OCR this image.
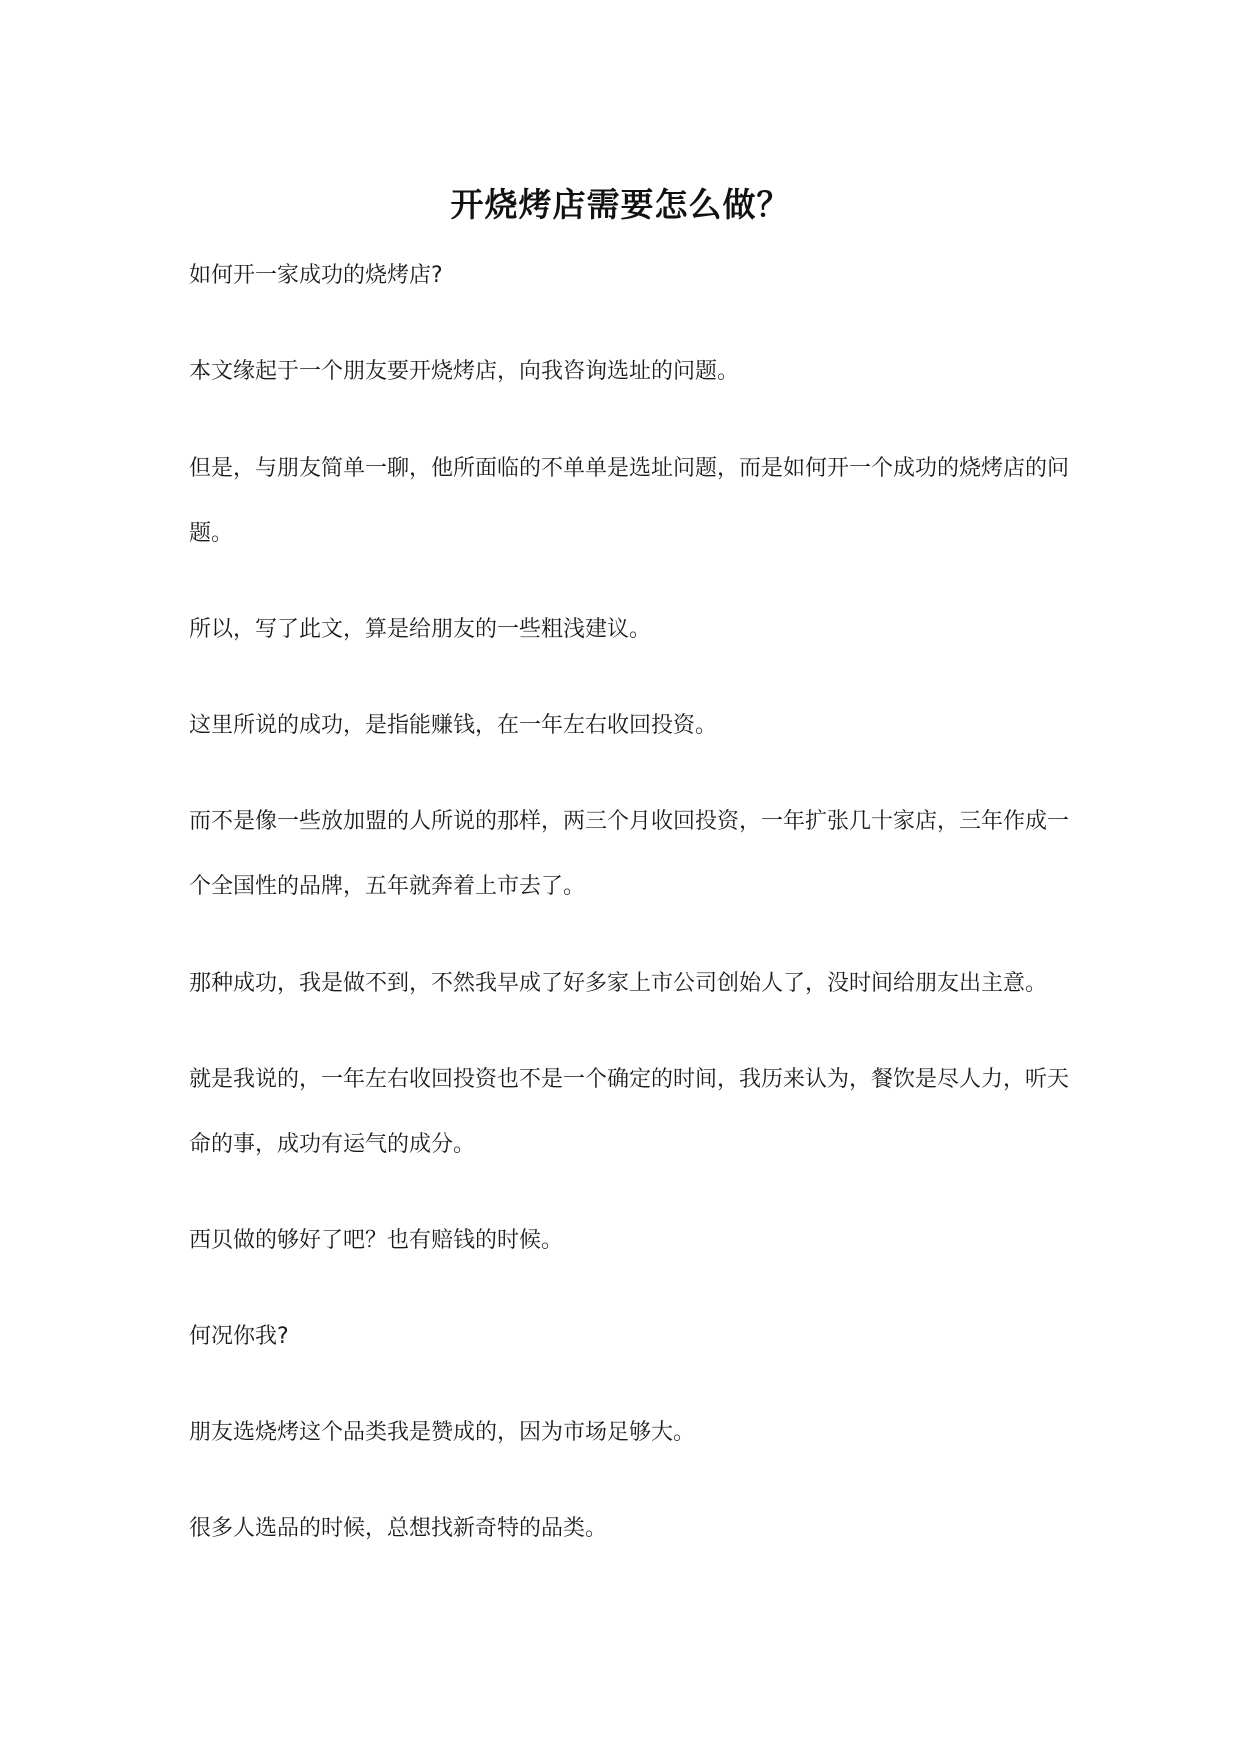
开烧烤店需要怎么做？

如何开一家成功的烧烤店?

本文缘起于一个朋友要开烧烤店，向我咨询选址的问题。

但是，与朋友简单一聊，他所面临的不单单是选址问题，而是如何开一个成功的烧烤店的问题。

所以，写了此文，算是给朋友的一些粗浅建议。

这里所说的成功，是指能赚钱，在一年左右收回投资。

而不是像一些放加盟的人所说的那样，两三个月收回投资，一年扩张几十家店，三年作成一个全国性的品牌，五年就奔着上市去了。

那种成功，我是做不到，不然我早成了好多家上市公司创始人了，没时间给朋友出主意。

就是我说的，一年左右收回投资也不是一个确定的时间，我历来认为，餐饮是尽人力，听天命的事，成功有运气的成分。

西贝做的够好了吧？也有赔钱的时候。

何况你我?

朋友选烧烤这个品类我是赞成的，因为市场足够大。

很多人选品的时候，总想找新奇特的品类。
